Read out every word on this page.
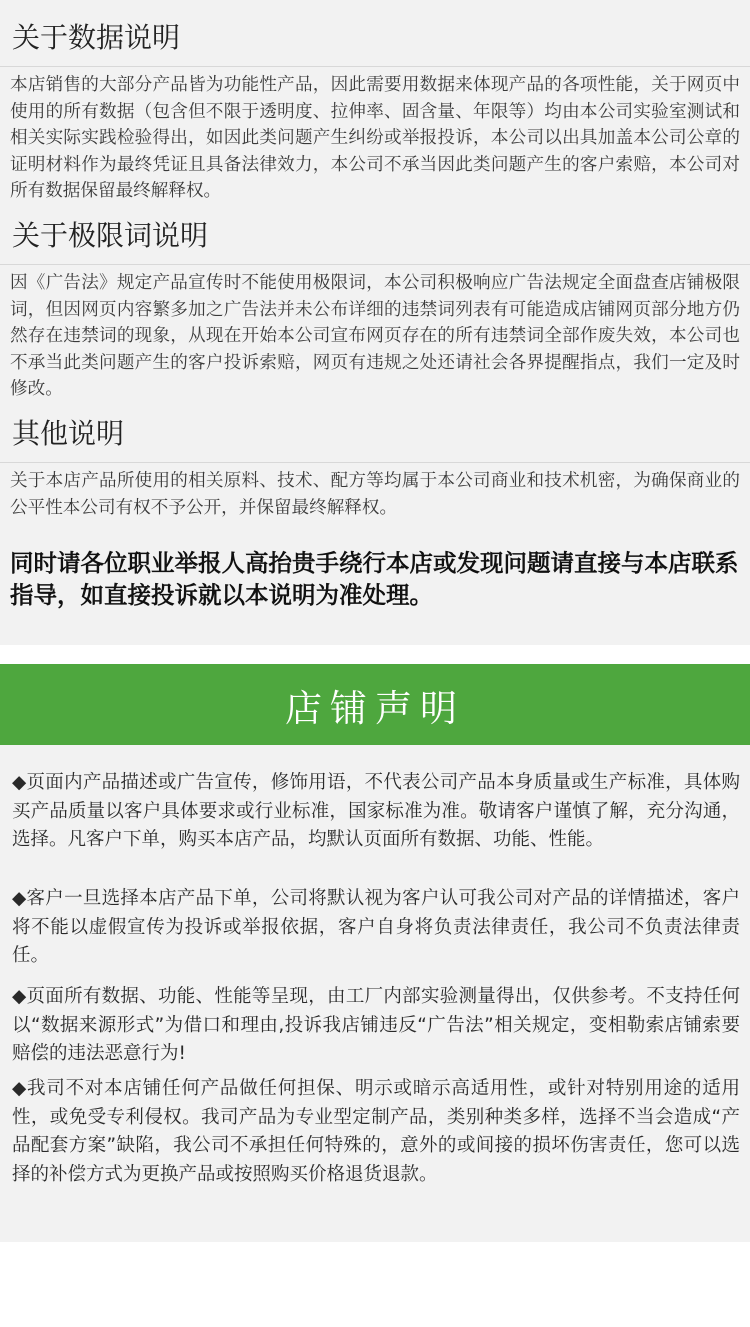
关于数据说明
本店销售的大部分产品皆为功能性产品，因此需要用数据来体现产品的各项性能，关于网页中使用的所有数据（包含但不限于透明度、拉伸率、固含量、年限等）均由本公司实验室测试和相关实际实践检验得出，如因此类问题产生纠纷或举报投诉，本公司以出具加盖本公司公章的证明材料作为最终凭证且具备法律效力，本公司不承当因此类问题产生的客户索赔，本公司对所有数据保留最终解释权。
关于极限词说明
因《广告法》规定产品宣传时不能使用极限词，本公司积极响应广告法规定全面盘查店铺极限词，但因网页内容繁多加之广告法并未公布详细的违禁词列表有可能造成店铺网页部分地方仍然存在违禁词的现象，从现在开始本公司宣布网页存在的所有违禁词全部作废失效，本公司也不承当此类问题产生的客户投诉索赔，网页有违规之处还请社会各界提醒指点，我们一定及时修改。
其他说明
关于本店产品所使用的相关原料、技术、配方等均属于本公司商业和技术机密，为确保商业的公平性本公司有权不予公开，并保留最终解释权。
同时请各位职业举报人高抬贵手绕行本店或发现问题请直接与本店联系指导，如直接投诉就以本说明为准处理。
店铺声明
◆页面内产品描述或广告宣传，修饰用语，不代表公司产品本身质量或生产标准，具体购买产品质量以客户具体要求或行业标准，国家标准为准。敬请客户谨慎了解，充分沟通，选择。凡客户下单，购买本店产品，均默认页面所有数据、功能、性能。
◆客户一旦选择本店产品下单，公司将默认视为客户认可我公司对产品的详情描述，客户将不能以虚假宣传为投诉或举报依据，客户自身将负责法律责任，我公司不负责法律责任。
◆页面所有数据、功能、性能等呈现，由工厂内部实验测量得出，仅供参考。不支持任何以“数据来源形式”为借口和理由,投诉我店铺违反“广告法”相关规定，变相勒索店铺索要赔偿的违法恶意行为!
◆我司不对本店铺任何产品做任何担保、明示或暗示高适用性，或针对特别用途的适用性，或免受专利侵权。我司产品为专业型定制产品，类别种类多样，选择不当会造成“产品配套方案”缺陷，我公司不承担任何特殊的，意外的或间接的损坏伤害责任，您可以选择的补偿方式为更换产品或按照购买价格退货退款。
